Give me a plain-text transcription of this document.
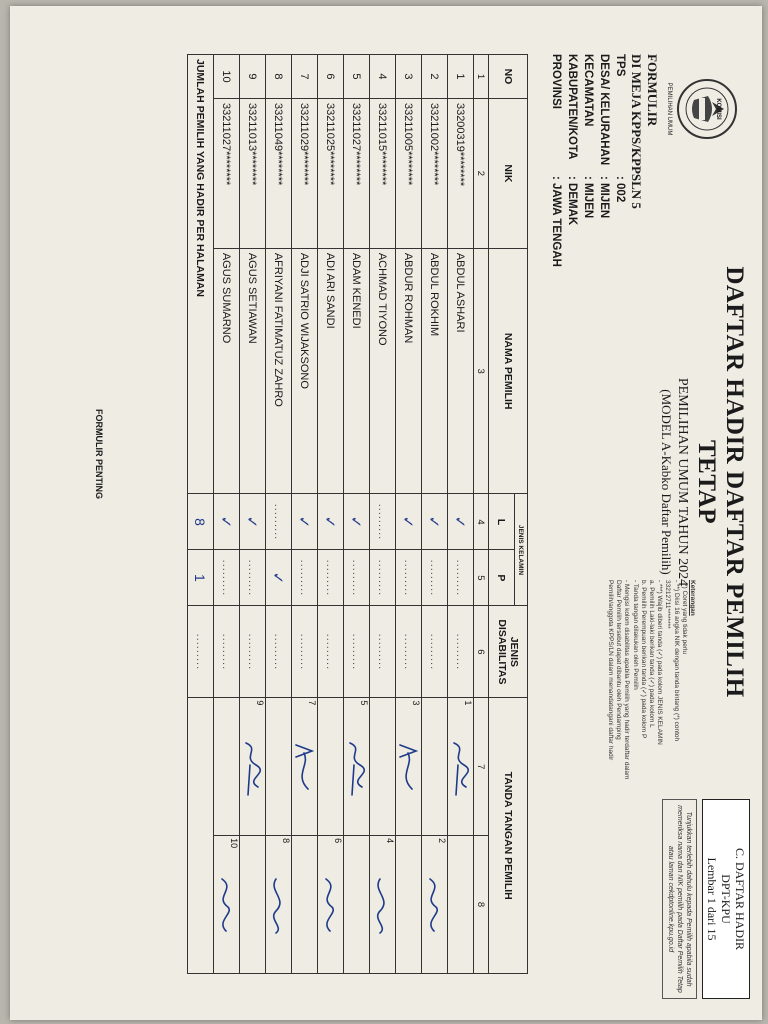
KOMISI
PEMILIHAN UMUM
FORMULIR
DI MEJA KPPS/KPPSLN 5
DAFTAR HADIR DAFTAR PEMILIH TETAP
PEMILIHAN UMUM TAHUN 2024
(MODEL A-Kabko Daftar Pemilih)
C. DAFTAR HADIR
DPT-KPU
Lembar 1 dari 15
Tunjukkan terlebih dahulu kepada Pemilih apabila sudah memeriksa nama dan NIK pemilih pada Daftar Pemilih Tetap atau laman cekdptonline.kpu.go.id
TPS
: 002
DESA/ KELURAHAN
: MIJEN
KECAMATAN
: MIJEN
KABUPATEN/KOTA
: DEMAK
PROVINSI
: JAWA TENGAH
Keterangan
- *) Coret yang tidak perlu
- **) Diisi 16 angka NIK dengan tanda bintang (*) contoh 33212711********
- ***) Wajib diberi tanda (✓) pada kolom JENIS KELAMIN
a. Pemilih Laki-laki berikan tanda (✓) pada kolom L
b. Pemilih Perempuan berikan tanda (✓) pada kolom P
- Tanda tangan dilakukan oleh Pemilih
- Mengisi kolom disabilitas apabila Pemilih yang hadir terdaftar dalam Daftar Pemilih tersebut dapat dibantu oleh Pendamping Pemilih/anggota KPPS/LN dalam menandatangani daftar hadir
NO	NIK	NAMA PEMILIH	JENIS KELAMIN		JENIS DISABILITAS	TANDA TANGAN PEMILIH	
			L	P			
1	2	3	4	5	6	7	8
1	33200319********	ABDUL ASHARI	✓	.........	.........	1	

2	33211002********	ABDUL ROKHIM	✓	.........	.........		2

3	33211005********	ABDUR ROHMAN	✓	.........	.........	3	

4	33211015********	ACHMAD TIYONO	.........	.........	.........		4

5	33211027********	ADAM KENEDI	✓	.........	.........	5	

6	33211025********	ADI ARI SANDI	✓	.........	.........		6

7	33211029********	ADJI SATRIO WIJAKSONO	✓	.........	.........	7	

8	33211049********	AFRIYANI FATIMATUZ ZAHRO	.........	✓	.........		8

9	33211013********	AGUS SETIAWAN	✓	.........	.........	9	

10	33211027********	AGUS SUMARNO	✓	.........	.........		10

JUMLAH PEMILIH YANG HADIR PER HALAMAN			8	1	.........		
FORMULIR PENTING
